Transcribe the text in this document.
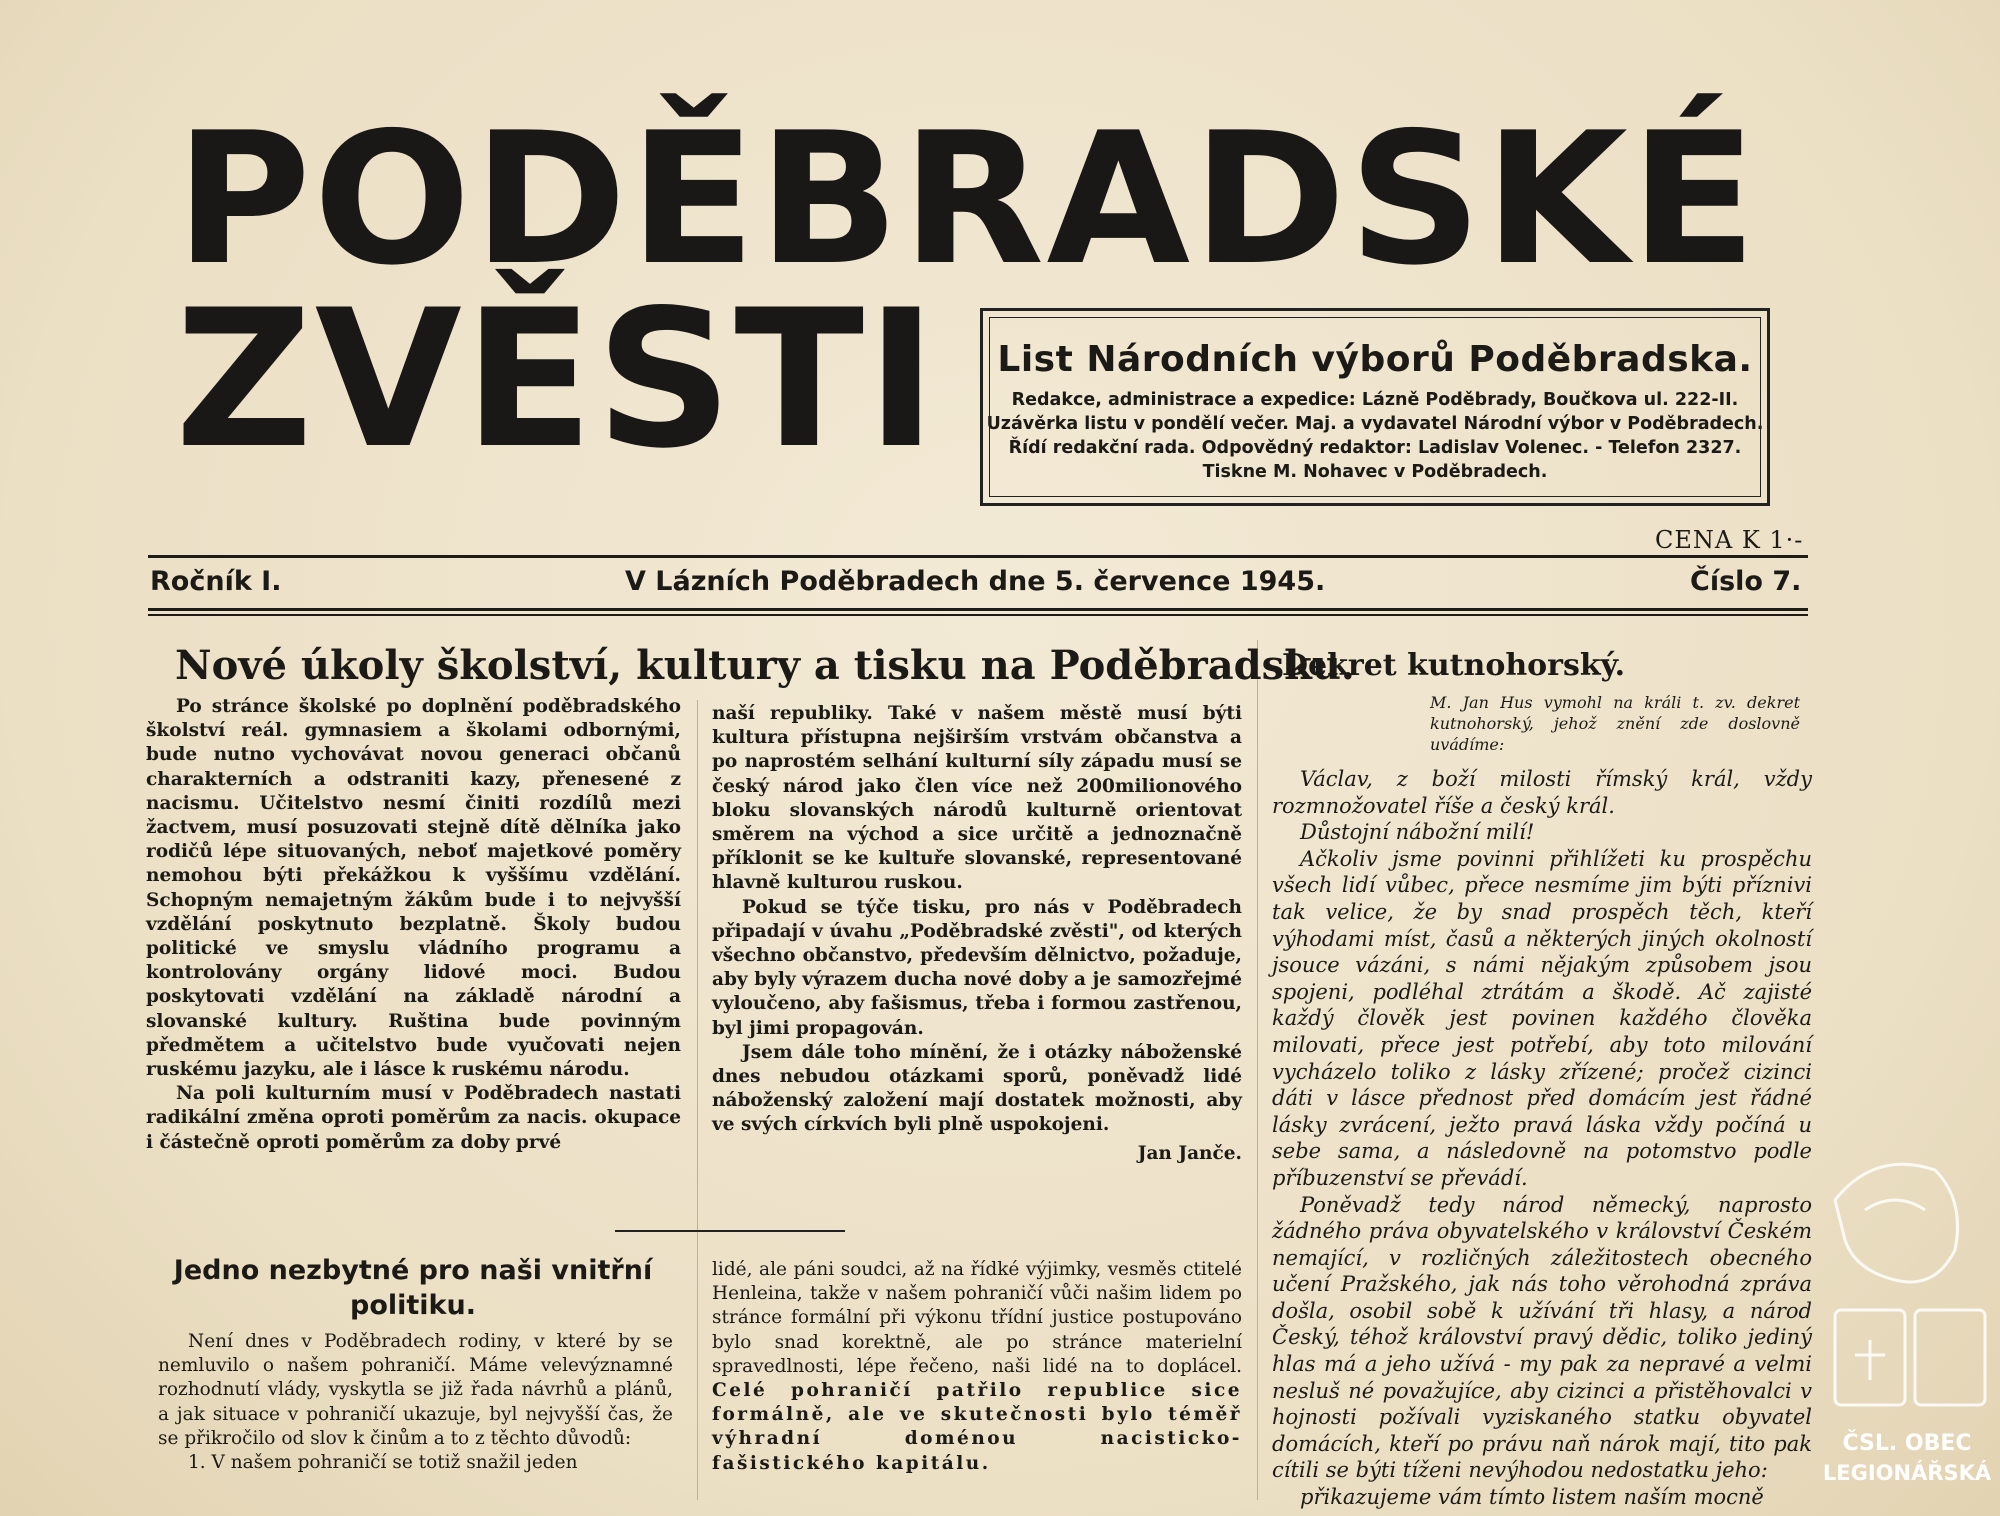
PODĚBRADSKÉ
ZVĚSTI	List Národních výborů Poděbradska.
Redakce, administrace a expedice: Lázně Poděbrady, Boučkova ul. 222-II.
Uzávěrka listu v pondělí večer. Maj. a vydavatel Národní výbor v Poděbradech.
Řídí redakční rada. Odpovědný redaktor: Ladislav Volenec. - Telefon 2327.
Tiskne M. Nohavec v Poděbradech.
CENA K 1·-
Ročník I.	V Lázních Poděbradech dne 5. července 1945.	Číslo 7.
Nové úkoly školství, kultury a tisku na Poděbradsku.

Po stránce školské po doplnění poděbradského školství reál. gymnasiem a školami odbornými, bude nutno vychovávat novou generaci občanů charakterních a odstraniti kazy, přenesené z nacismu. Učitelstvo nesmí činiti rozdílů mezi žactvem, musí posuzovati stejně dítě dělníka jako rodičů lépe situovaných, neboť majetkové poměry nemohou býti překážkou k vyššímu vzdělání. Schopným nemajetným žákům bude i to nejvyšší vzdělání poskytnuto bezplatně. Školy budou politické ve smyslu vládního programu a kontrolovány orgány lidové moci. Budou poskytovati vzdělání na základě národní a slovanské kultury. Ruština bude povinným předmětem a učitelstvo bude vyučovati nejen ruskému jazyku, ale i lásce k ruskému národu.

Na poli kulturním musí v Poděbradech nastati radikální změna oproti poměrům za nacis. okupace i částečně oproti poměrům za doby prvé

naší republiky. Také v našem městě musí býti kultura přístupna nejširším vrstvám občanstva a po naprostém selhání kulturní síly západu musí se český národ jako člen více než 200milionového bloku slovanských národů kulturně orientovat směrem na východ a sice určitě a jednoznačně příklonit se ke kultuře slovanské, representované hlavně kulturou ruskou.

Pokud se týče tisku, pro nás v Poděbradech připadají v úvahu „Poděbradské zvěsti", od kterých všechno občanstvo, především dělnictvo, požaduje, aby byly výrazem ducha nové doby a je samozřejmé vyloučeno, aby fašismus, třeba i formou zastřenou, byl jimi propagován.

Jsem dále toho mínění, že i otázky náboženské dnes nebudou otázkami sporů, poněvadž lidé náboženský založení mají dostatek možnosti, aby ve svých církvích byli plně uspokojeni.

Jan Janče.

Jedno nezbytné pro naši vnitřní politiku.

Není dnes v Poděbradech rodiny, v které by se nemluvilo o našem pohraničí. Máme velevýznamné rozhodnutí vlády, vyskytla se již řada návrhů a plánů, a jak situace v pohraničí ukazuje, byl nejvyšší čas, že se přikročilo od slov k činům a to z těchto důvodů:

1. V našem pohraničí se totiž snažil jeden

lidé, ale páni soudci, až na řídké výjimky, vesměs ctitelé Henleina, takže v našem pohraničí vůči našim lidem po stránce formální při výkonu třídní justice postupováno bylo snad korektně, ale po stránce materielní spravedlnosti, lépe řečeno, naši lidé na to doplácel. Celé pohraničí patřilo republice sice formálně, ale ve skutečnosti bylo téměř výhradní doménou nacisticko-fašistického kapitálu.

Dekret kutnohorský.
M. Jan Hus vymohl na králi t. zv. dekret kutnohorský, jehož znění zde doslovně uvádíme:

Václav, z boží milosti římský král, vždy rozmnožovatel říše a český král.

Důstojní nábožní milí!

Ačkoliv jsme povinni přihlížeti ku prospěchu všech lidí vůbec, přece nesmíme jim býti příznivi tak velice, že by snad prospěch těch, kteří výhodami míst, časů a některých jiných okolností jsouce vázáni, s námi nějakým způsobem jsou spojeni, podléhal ztrátám a škodě. Ač zajisté každý člověk jest povinen každého člověka milovati, přece jest potřebí, aby toto milování vycházelo toliko z lásky zřízené; pročež cizinci dáti v lásce přednost před domácím jest řádné lásky zvrácení, ježto pravá láska vždy počíná u sebe sama, a následovně na potomstvo podle příbuzenství se převádí.

Poněvadž tedy národ německý, naprosto žádného práva obyvatelského v království Českém nemající, v rozličných záležitostech obecného učení Pražského, jak nás toho věrohodná zpráva došla, osobil sobě k užívání tři hlasy, a národ Český, téhož království pravý dědic, toliko jediný hlas má a jeho užívá - my pak za nepravé a velmi nesluš né považujíce, aby cizinci a přistěhovalci v hojnosti požívali vyziskaného statku obyvatel domácích, kteří po právu naň nárok mají, tito pak cítili se býti tíženi nevýhodou nedostatku jeho:

přikazujeme vám tímto listem naším mocně

ČSL. OBEC
LEGIONÁŘSKÁ
